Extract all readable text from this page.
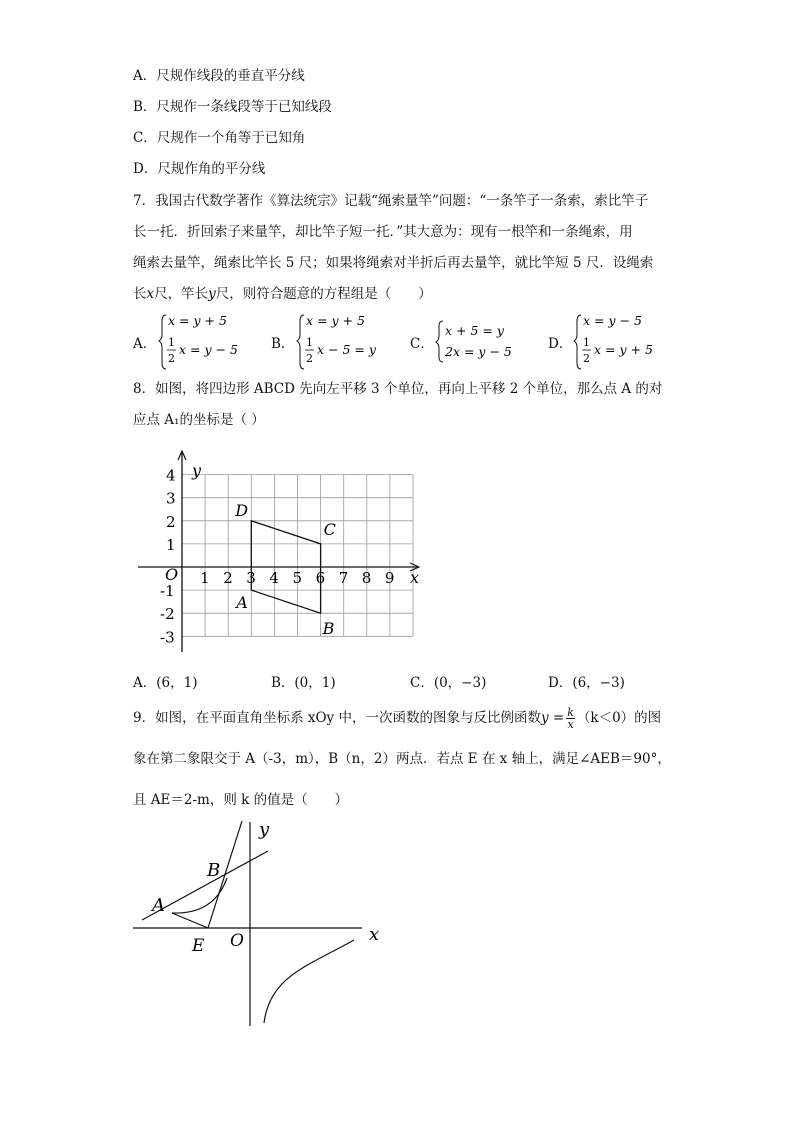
A．尺规作线段的垂直平分线
B．尺规作一条线段等于已知线段
C．尺规作一个角等于已知角
D．尺规作角的平分线
7．我国古代数学著作《算法统宗》记载“绳索量竿”问题：“一条竿子一条索，索比竿子
长一托．折回索子来量竿，却比竿子短一托．”其大意为：现有一根竿和一条绳索，用
绳索去量竿，绳索比竿长 5 尺；如果将绳索对半折后再去量竿，就比竿短 5 尺．设绳索
长x尺，竿长y尺，则符合题意的方程组是（　　）
A．
x = y + 5
1
2
x = y − 5 B．
x = y + 5
1
2
x − 5 = y	C．
x + 5 = y
2x = y − 5	D．
x = y − 5
1
2
x = y + 5
8．如图，将四边形 ABCD 先向左平移 3 个单位，再向上平移 2 个单位，那么点 A 的对
应点 A₁的坐标是（ ）
x
y
O 1 2 3 4 5 6 7 8 9
1
2
3
4
-1
-2
-3
A
B
C
D
A．(6，1)	B．(0，1)	C．(0，−3)	D．(6，−3)
9．如图，在平面直角坐标系 xOy 中，一次函数的图象与反比例函数$y = \frac{k}{x} (k<0)$的图
象在第二象限交于 A（-3，m），B（n，2）两点．若点 E 在 x 轴上，满足∠AEB＝90°，
且 AE＝2-m，则 k 的值是（　　）
x
y
O
A
B
E
